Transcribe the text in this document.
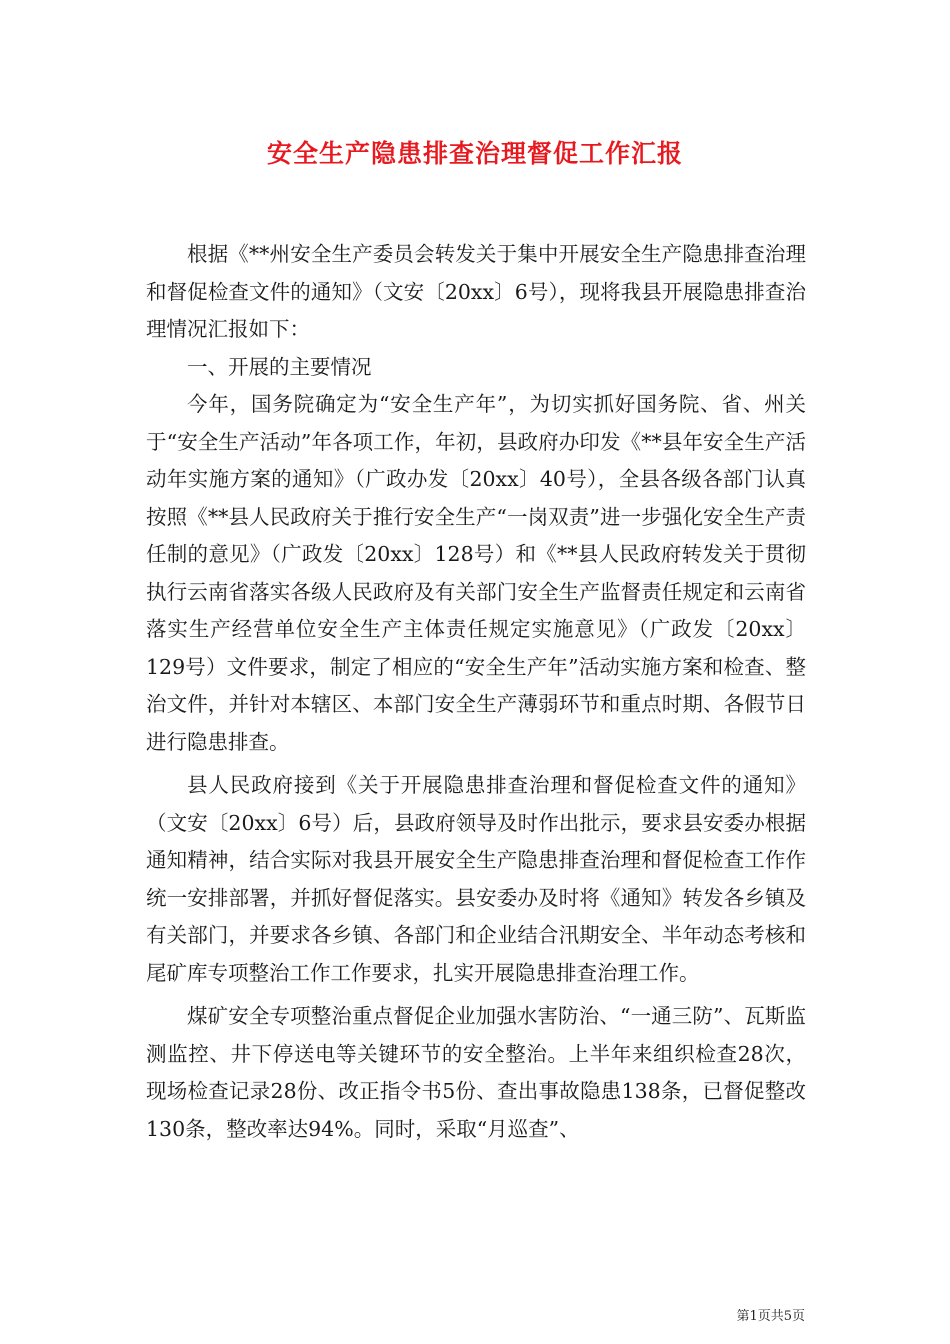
安全生产隐患排查治理督促工作汇报

根据《**州安全生产委员会转发关于集中开展安全生产隐患排查治理和督促检查文件的通知》（文安〔20xx〕6号），现将我县开展隐患排查治理情况汇报如下：

一、开展的主要情况

今年，国务院确定为“安全生产年”，为切实抓好国务院、省、州关于“安全生产活动”年各项工作，年初，县政府办印发《**县年安全生产活动年实施方案的通知》（广政办发〔20xx〕40号），全县各级各部门认真按照《**县人民政府关于推行安全生产“一岗双责”进一步强化安全生产责任制的意见》（广政发〔20xx〕128号）和《**县人民政府转发关于贯彻执行云南省落实各级人民政府及有关部门安全生产监督责任规定和云南省落实生产经营单位安全生产主体责任规定实施意见》（广政发〔20xx〕129号）文件要求，制定了相应的“安全生产年”活动实施方案和检查、整治文件，并针对本辖区、本部门安全生产薄弱环节和重点时期、各假节日进行隐患排查。

县人民政府接到《关于开展隐患排查治理和督促检查文件的通知》（文安〔20xx〕6号）后，县政府领导及时作出批示，要求县安委办根据通知精神，结合实际对我县开展安全生产隐患排查治理和督促检查工作作统一安排部署，并抓好督促落实。县安委办及时将《通知》转发各乡镇及有关部门，并要求各乡镇、各部门和企业结合汛期安全、半年动态考核和尾矿库专项整治工作工作要求，扎实开展隐患排查治理工作。

煤矿安全专项整治重点督促企业加强水害防治、“一通三防”、瓦斯监测监控、井下停送电等关键环节的安全整治。上半年来组织检查28次，现场检查记录28份、改正指令书5份、查出事故隐患138条，已督促整改130条，整改率达94%。同时，采取“月巡查”、

第1页共5页
